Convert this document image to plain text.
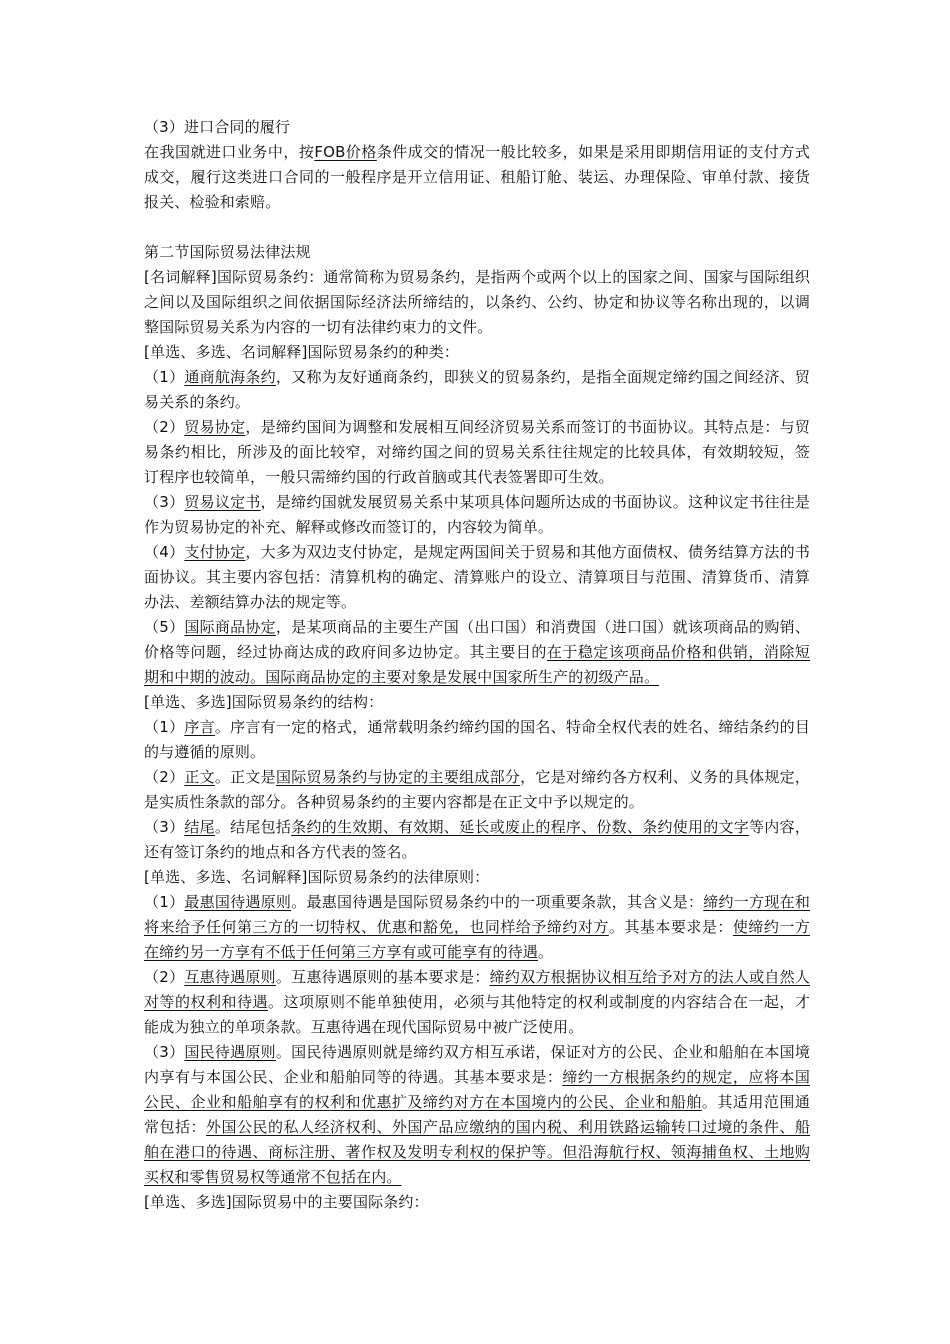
（3）进口合同的履行

在我国就进口业务中，按FOB价格条件成交的情况一般比较多，如果是采用即期信用证的支付方式成交，履行这类进口合同的一般程序是开立信用证、租船订舱、装运、办理保险、审单付款、接货报关、检验和索赔。

第二节国际贸易法律法规

[名词解释]国际贸易条约：通常简称为贸易条约，是指两个或两个以上的国家之间、国家与国际组织之间以及国际组织之间依据国际经济法所缔结的，以条约、公约、协定和协议等名称出现的，以调整国际贸易关系为内容的一切有法律约束力的文件。

[单选、多选、名词解释]国际贸易条约的种类：

（1）通商航海条约，又称为友好通商条约，即狭义的贸易条约，是指全面规定缔约国之间经济、贸易关系的条约。

（2）贸易协定，是缔约国间为调整和发展相互间经济贸易关系而签订的书面协议。其特点是：与贸易条约相比，所涉及的面比较窄，对缔约国之间的贸易关系往往规定的比较具体，有效期较短，签订程序也较简单，一般只需缔约国的行政首脑或其代表签署即可生效。

（3）贸易议定书，是缔约国就发展贸易关系中某项具体问题所达成的书面协议。这种议定书往往是作为贸易协定的补充、解释或修改而签订的，内容较为简单。

（4）支付协定，大多为双边支付协定，是规定两国间关于贸易和其他方面债权、债务结算方法的书面协议。其主要内容包括：清算机构的确定、清算账户的设立、清算项目与范围、清算货币、清算办法、差额结算办法的规定等。

（5）国际商品协定，是某项商品的主要生产国（出口国）和消费国（进口国）就该项商品的购销、价格等问题，经过协商达成的政府间多边协定。其主要目的在于稳定该项商品价格和供销，消除短期和中期的波动。国际商品协定的主要对象是发展中国家所生产的初级产品。

[单选、多选]国际贸易条约的结构：

（1）序言。序言有一定的格式，通常载明条约缔约国的国名、特命全权代表的姓名、缔结条约的目的与遵循的原则。

（2）正文。正文是国际贸易条约与协定的主要组成部分，它是对缔约各方权利、义务的具体规定，是实质性条款的部分。各种贸易条约的主要内容都是在正文中予以规定的。

（3）结尾。结尾包括条约的生效期、有效期、延长或废止的程序、份数、条约使用的文字等内容，还有签订条约的地点和各方代表的签名。

[单选、多选、名词解释]国际贸易条约的法律原则：

（1）最惠国待遇原则。最惠国待遇是国际贸易条约中的一项重要条款，其含义是：缔约一方现在和将来给予任何第三方的一切特权、优惠和豁免，也同样给予缔约对方。其基本要求是：使缔约一方在缔约另一方享有不低于任何第三方享有或可能享有的待遇。

（2）互惠待遇原则。互惠待遇原则的基本要求是：缔约双方根据协议相互给予对方的法人或自然人对等的权利和待遇。这项原则不能单独使用，必须与其他特定的权利或制度的内容结合在一起，才能成为独立的单项条款。互惠待遇在现代国际贸易中被广泛使用。

（3）国民待遇原则。国民待遇原则就是缔约双方相互承诺，保证对方的公民、企业和船舶在本国境内享有与本国公民、企业和船舶同等的待遇。其基本要求是：缔约一方根据条约的规定，应将本国公民、企业和船舶享有的权利和优惠扩及缔约对方在本国境内的公民、企业和船舶。其适用范围通常包括：外国公民的私人经济权利、外国产品应缴纳的国内税、利用铁路运输转口过境的条件、船舶在港口的待遇、商标注册、著作权及发明专利权的保护等。但沿海航行权、领海捕鱼权、土地购买权和零售贸易权等通常不包括在内。

[单选、多选]国际贸易中的主要国际条约：
